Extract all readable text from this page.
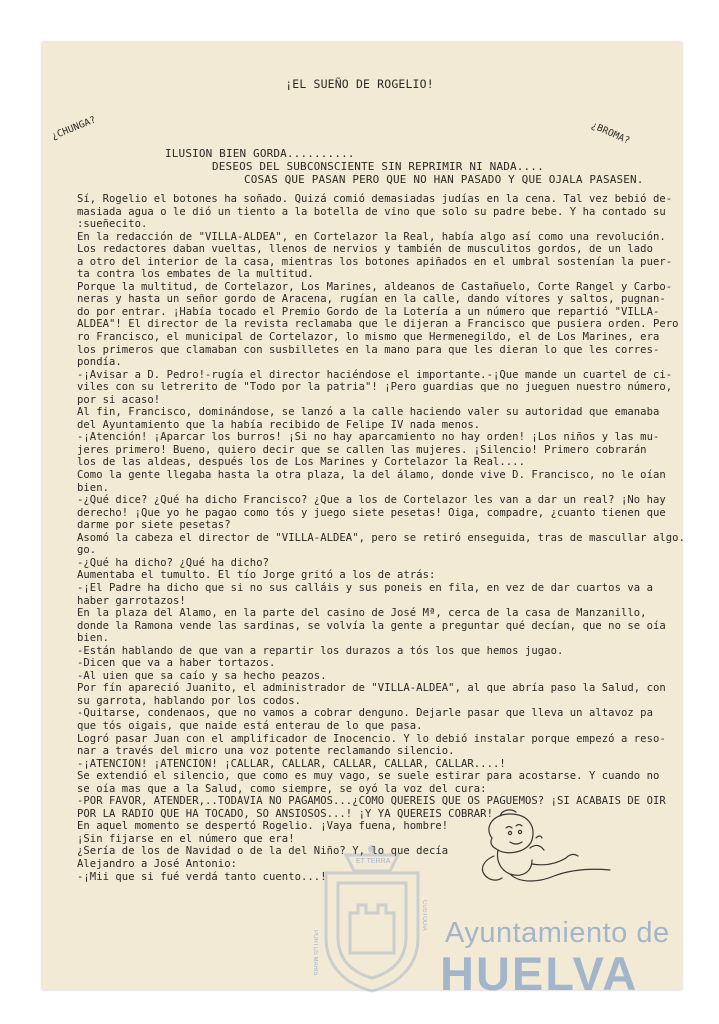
¿CHUNGA?
¡EL SUEÑO DE ROGELIO!
¿BROMA?
ILUSION BIEN GORDA..........
DESEOS DEL SUBCONSCIENTE SIN REPRIMIR NI NADA....
COSAS QUE PASAN PERO QUE NO HAN PASADO Y QUE OJALA PASASEN.
Sí, Rogelio el botones ha soñado. Quizá comió demasiadas judías en la cena. Tal vez bebió de-
masiada agua o le dió un tiento a la botella de vino que solo su padre bebe. Y ha contado su
:sueñecito.
En la redacción de "VILLA-ALDEA", en Cortelazor la Real, había algo así como una revolución.
Los redactores daban vueltas, llenos de nervios y también de musculitos gordos, de un lado
a otro del interior de la casa, mientras los botones apiñados en el umbral sostenían la puer-
ta contra los embates de la multitud.
Porque la multitud, de Cortelazor, Los Marines, aldeanos de Castañuelo, Corte Rangel y Carbo-
neras y hasta un señor gordo de Aracena, rugían en la calle, dando vítores y saltos, pugnan-
do por entrar. ¡Había tocado el Premio Gordo de la Lotería a un número que repartió "VILLA-
ALDEA"! El director de la revista reclamaba que le dijeran a Francisco que pusiera orden. Pero
ro Francisco, el municipal de Cortelazor, lo mismo que Hermenegildo, el de Los Marines, era
los primeros que clamaban con susbilletes en la mano para que les dieran lo que les corres-
pondía.
-¡Avisar a D. Pedro!-rugía el director haciéndose el importante.-¡Que mande un cuartel de ci-
viles con su letrerito de "Todo por la patria"! ¡Pero guardias que no jueguen nuestro número,
por si acaso!
Al fin, Francisco, dominándose, se lanzó a la calle haciendo valer su autoridad que emanaba
del Ayuntamiento que la había recibido de Felipe IV nada menos.
-¡Atención! ¡Aparcar los burros! ¡Si no hay aparcamiento no hay orden! ¡Los niños y las mu-
jeres primero! Bueno, quiero decir que se callen las mujeres. ¡Silencio! Primero cobrarán
los de las aldeas, después los de Los Marines y Cortelazor la Real....
Como la gente llegaba hasta la otra plaza, la del álamo, donde vive D. Francisco, no le oían
bien.
-¿Qué dice? ¿Qué ha dicho Francisco? ¿Que a los de Cortelazor les van a dar un real? ¡No hay
derecho! ¡Que yo he pagao como tós y juego siete pesetas! Oiga, compadre, ¿cuanto tienen que
darme por siete pesetas?
Asomó la cabeza el director de "VILLA-ALDEA", pero se retiró enseguida, tras de mascullar algo.
go.
-¿Qué ha dicho? ¿Qué ha dicho?
Aumentaba el tumulto. El tío Jorge gritó a los de atrás:
-¡El Padre ha dicho que si no sus calláis y sus poneis en fila, en vez de dar cuartos va a
haber garrotazos!
En la plaza del Alamo, en la parte del casino de José Mª, cerca de la casa de Manzanillo,
donde la Ramona vende las sardinas, se volvía la gente a preguntar qué decían, que no se oía
bien.
-Están hablando de que van a repartir los durazos a tós los que hemos jugao.
-Dicen que va a haber tortazos.
-Al uien que sa caío y sa hecho peazos.
Por fín apareció Juanito, el administrador de "VILLA-ALDEA", al que abría paso la Salud, con
su garrota, hablando por los codos.
-Quitarse, condenaos, que no vamos a cobrar denguno. Dejarle pasar que lleva un altavoz pa
que tós oigais, que naide está enterau de lo que pasa.
Logró pasar Juan con el amplificador de Inocencio. Y lo debió instalar porque empezó a reso-
nar a través del micro una voz potente reclamando silencio.
-¡ATENCION! ¡ATENCION! ¡CALLAR, CALLAR, CALLAR, CALLAR, CALLAR....!
Se extendió el silencio, que como es muy vago, se suele estirar para acostarse. Y cuando no
se oía mas que a la Salud, como siempre, se oyó la voz del cura:
-POR FAVOR, ATENDER,..TODAVIA NO PAGAMOS...¿COMO QUEREIS QUE OS PAGUEMOS? ¡SI ACABAIS DE OIR
POR LA RADIO QUE HA TOCADO, SO ANSIOSOS...! ¡Y YA QUEREIS COBRAR!
En aquel momento se despertó Rogelio. ¡Vaya fuena, hombre!
¡Sin fijarse en el número que era!
¿Sería de los de Navidad o de la del Niño? Y, lo que decía
Alejandro a José Antonio:
-¡Mii que si fué verdá tanto cuento...!
Ayuntamiento de
HUELVA
ET TERRA
PORTUS MARIS
CUSTODIA
